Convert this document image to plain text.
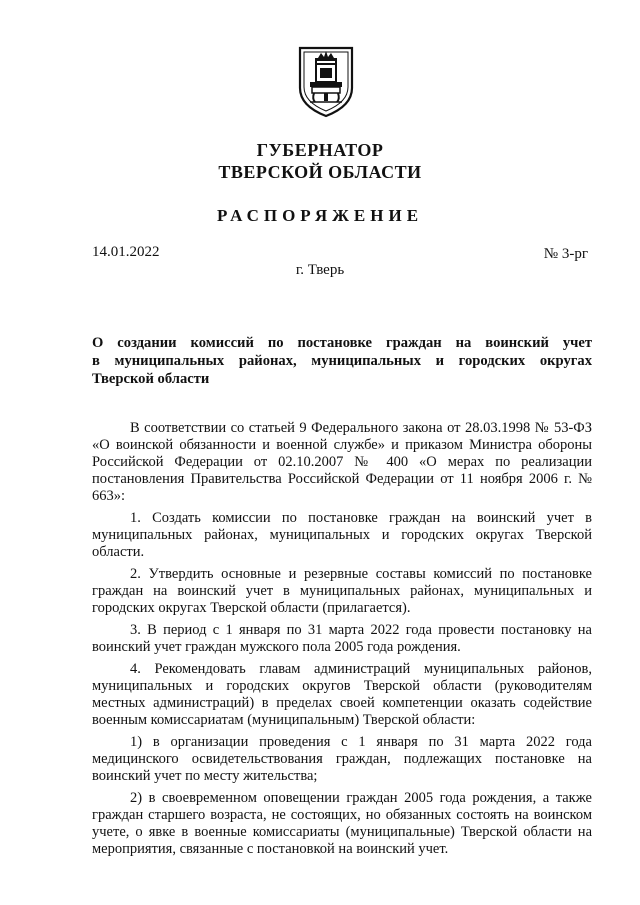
ГУБЕРНАТОР
ТВЕРСКОЙ ОБЛАСТИ
РАСПОРЯЖЕНИЕ
14.01.2022	№ 3-рг
г. Тверь
О создании комиссий по постановке граждан на воинский учет
в муниципальных районах, муниципальных и городских округах
Тверской области

В соответствии со статьей 9 Федерального закона от 28.03.1998 № 53-ФЗ «О воинской обязанности и военной службе» и приказом Министра обороны Российской Федерации от 02.10.2007 № 400 «О мерах по реализации постановления Правительства Российской Федерации от 11 ноября 2006 г. № 663»:

1. Создать комиссии по постановке граждан на воинский учет в муниципальных районах, муниципальных и городских округах Тверской области.

2. Утвердить основные и резервные составы комиссий по постановке граждан на воинский учет в муниципальных районах, муниципальных и городских округах Тверской области (прилагается).

3. В период с 1 января по 31 марта 2022 года провести постановку на воинский учет граждан мужского пола 2005 года рождения.

4. Рекомендовать главам администраций муниципальных районов, муниципальных и городских округов Тверской области (руководителям местных администраций) в пределах своей компетенции оказать содействие военным комиссариатам (муниципальным) Тверской области:

1) в организации проведения с 1 января по 31 марта 2022 года медицинского освидетельствования граждан, подлежащих постановке на воинский учет по месту жительства;

2) в своевременном оповещении граждан 2005 года рождения, а также граждан старшего возраста, не состоящих, но обязанных состоять на воинском учете, о явке в военные комиссариаты (муниципальные) Тверской области на мероприятия, связанные с постановкой на воинский учет.
